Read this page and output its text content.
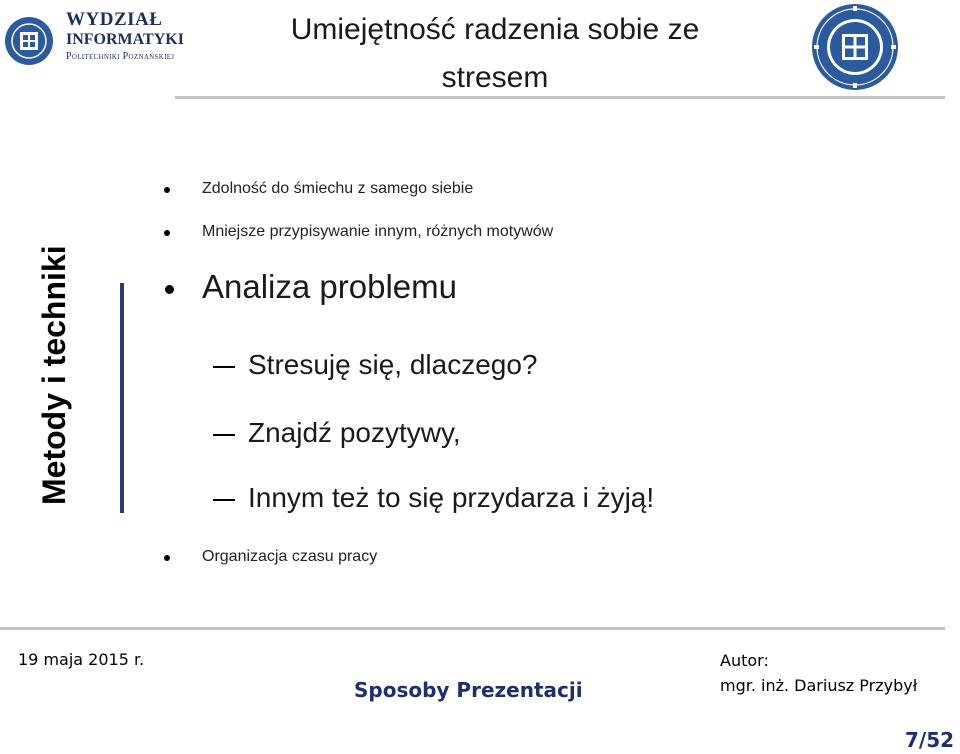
WYDZIAŁ
INFORMATYKI
Politechniki Poznańskiej
Umiejętność radzenia sobie ze
stresem
Metody i techniki
Zdolność do śmiechu z samego siebie
Mniejsze przypisywanie innym, różnych motywów
Analiza problemu
Stresuję się, dlaczego?
Znajdź pozytywy,
Innym też to się przydarza i żyją!
Organizacja czasu pracy
19 maja 2015 r.
Sposoby Prezentacji
Autor:
mgr. inż. Dariusz Przybył
7/52
